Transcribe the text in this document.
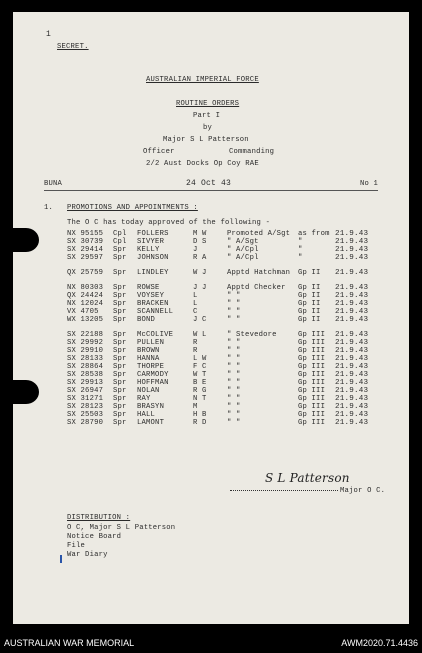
1
SECRET.
AUSTRALIAN IMPERIAL FORCE
ROUTINE ORDERS
Part I
by
Major S L Patterson
Officer	Commanding
2/2 Aust Docks Op Coy RAE
BUNA	24 Oct 43	No 1
1. PROMOTIONS AND APPOINTMENTS :
The O C has today approved of the following -
NX 95155 Cpl FOLLERS	M W	Promoted A/Sgt as from 21.9.43
SX 30739 Cpl SIVYER	D S	" A/Sgt	"	21.9.43
SX 29414 Spr KELLY	J	" A/Cpl	"	21.9.43
SX 29597 Spr JOHNSON	R A	" A/Cpl	"	21.9.43
QX 25759 Spr LINDLEY	W J	Apptd Hatchman Gp II 21.9.43
NX 80303 Spr ROWSE	J J	Apptd Checker Gp II 21.9.43
QX 24424 Spr VOYSEY	L	" "	Gp II 21.9.43
NX 12024 Spr BRACKEN	L	" "	Gp II 21.9.43
VX 4705 Spr SCANNELL	C	" "	Gp II 21.9.43
WX 13205 Spr BOND	J C	" "	Gp II 21.9.43
SX 22188 Spr McCOLIVE	W L	" Stevedore	Gp III 21.9.43
SX 29992 Spr PULLEN	R	" "	Gp III 21.9.43
SX 29910 Spr BROWN	R	" "	Gp III 21.9.43
SX 28133 Spr HANNA	L W	" "	Gp III 21.9.43
SX 28864 Spr THORPE	F C	" "	Gp III 21.9.43
SX 28538 Spr CARMODY	W T	" "	Gp III 21.9.43
SX 29913 Spr HOFFMAN	B E	" "	Gp III 21.9.43
SX 26947 Spr NOLAN	R G	" "	Gp III 21.9.43
SX 31271 Spr RAY	N T	" "	Gp III 21.9.43
SX 28123 Spr BRASYN	M	" "	Gp III 21.9.43
SX 25503 Spr HALL	H B	" "	Gp III 21.9.43
SX 28790 Spr LAMONT	R D	" "	Gp III 21.9.43
S L Patterson
Major O C.
DISTRIBUTION :
O C, Major S L Patterson
Notice Board
File
War Diary
AUSTRALIAN WAR MEMORIAL	AWM2020.71.4436
